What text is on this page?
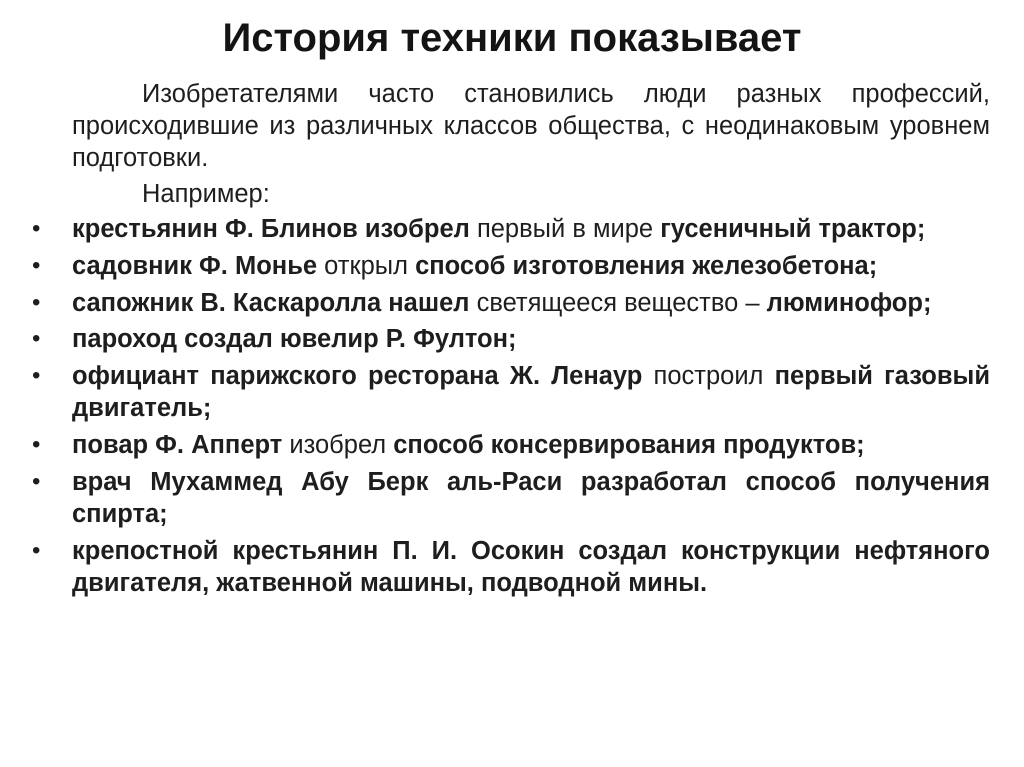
История техники показывает

Изобретателями часто становились люди разных профессий, происходившие из различных классов общества, с неодинаковым уровнем подготовки.

Например:

• крестьянин Ф. Блинов изобрел первый в мире гусеничный трактор;
• садовник Ф. Монье открыл способ изготовления железобетона;
• сапожник В. Каскаролла нашел светящееся вещество – люминофор;
• пароход создал ювелир Р. Фултон;
• официант парижского ресторана Ж. Ленаур построил первый газовый двигатель;
• повар Ф. Апперт изобрел способ консервирования продуктов;
• врач Мухаммед Абу Берк аль-Раси разработал способ получения спирта;
• крепостной крестьянин П. И. Осокин создал конструкции нефтяного двигателя, жатвенной машины, подводной мины.
